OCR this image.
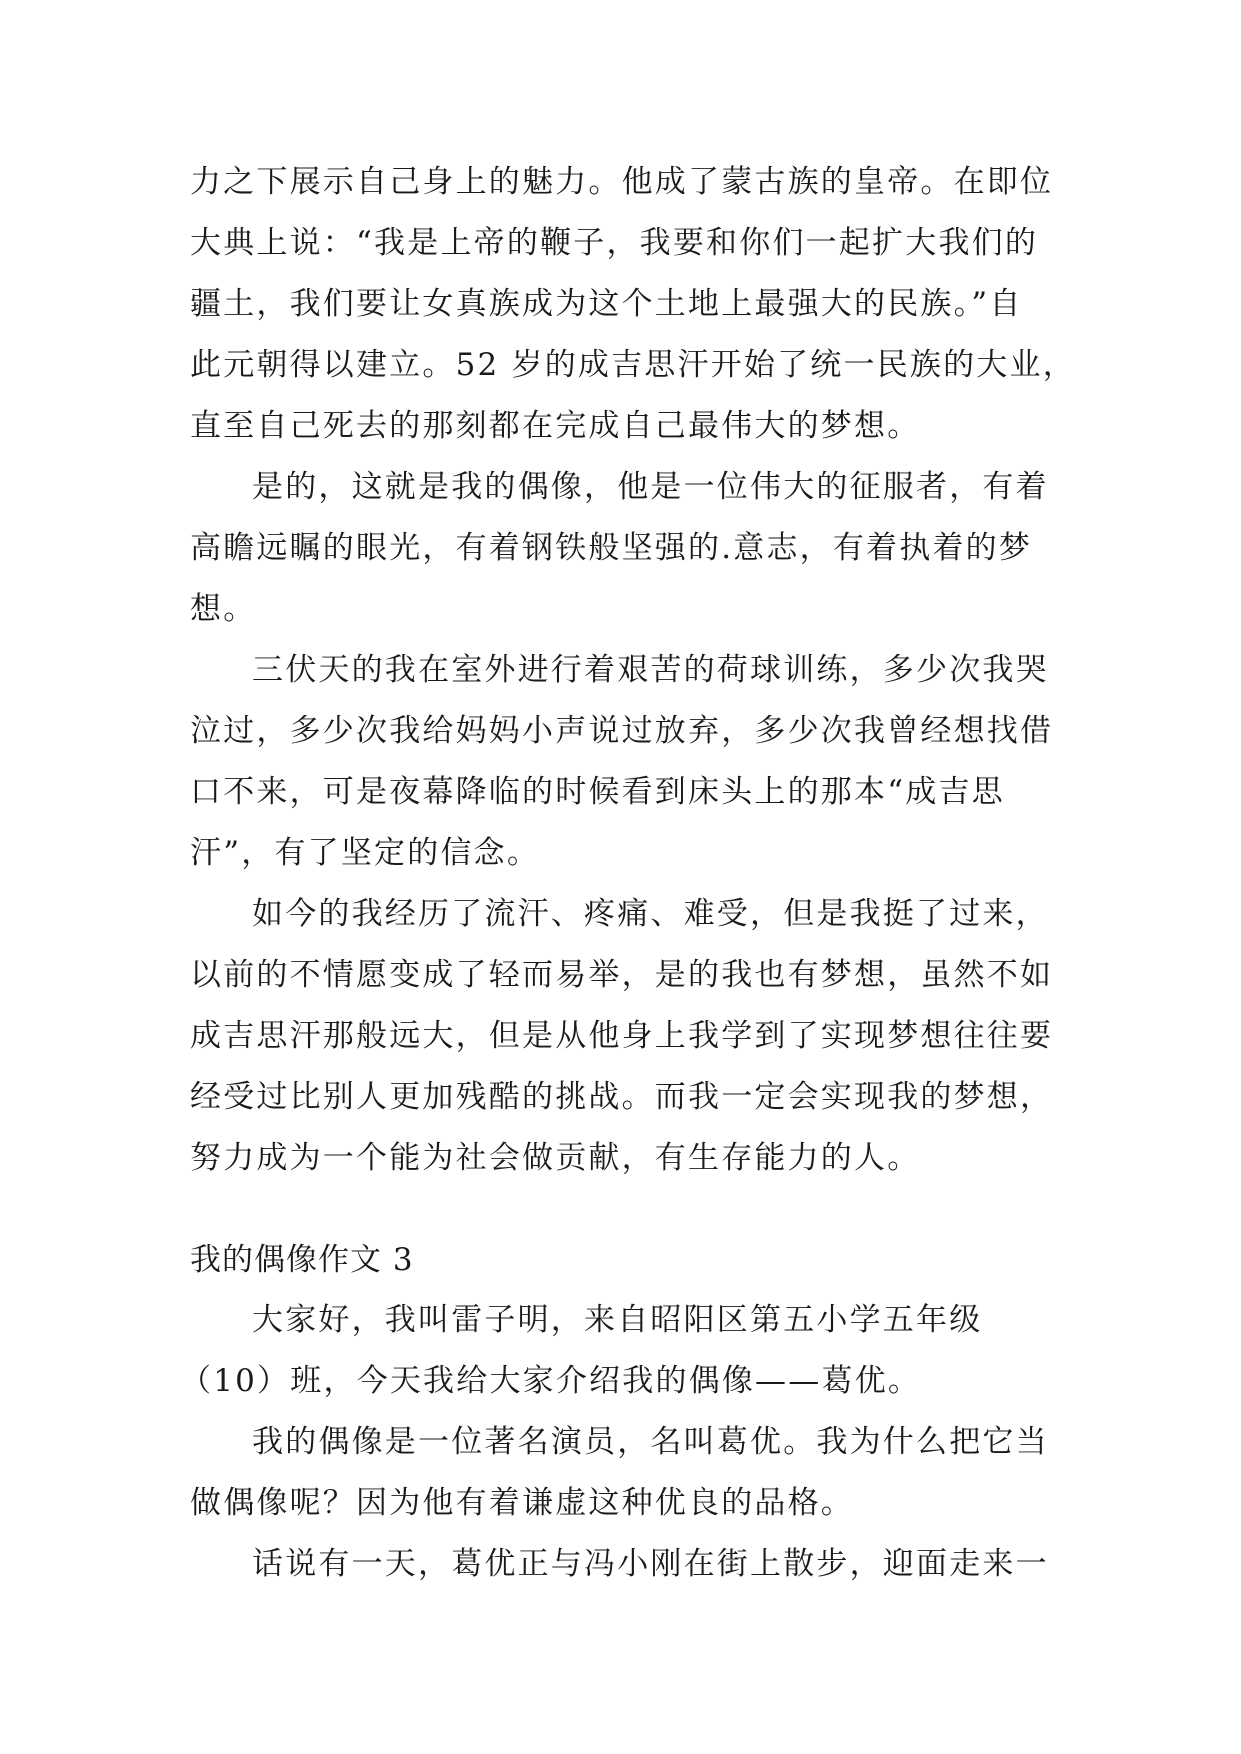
力之下展示自己身上的魅力。他成了蒙古族的皇帝。在即位
大典上说：“我是上帝的鞭子，我要和你们一起扩大我们的
疆土，我们要让女真族成为这个土地上最强大的民族。”自
此元朝得以建立。52 岁的成吉思汗开始了统一民族的大业，
直至自己死去的那刻都在完成自己最伟大的梦想。
是的，这就是我的偶像，他是一位伟大的征服者，有着
高瞻远瞩的眼光，有着钢铁般坚强的.意志，有着执着的梦
想。
三伏天的我在室外进行着艰苦的荷球训练，多少次我哭
泣过，多少次我给妈妈小声说过放弃，多少次我曾经想找借
口不来，可是夜幕降临的时候看到床头上的那本“成吉思
汗”，有了坚定的信念。
如今的我经历了流汗、疼痛、难受，但是我挺了过来，
以前的不情愿变成了轻而易举，是的我也有梦想，虽然不如
成吉思汗那般远大，但是从他身上我学到了实现梦想往往要
经受过比别人更加残酷的挑战。而我一定会实现我的梦想，
努力成为一个能为社会做贡献，有生存能力的人。
我的偶像作文 3
大家好，我叫雷子明，来自昭阳区第五小学五年级
（10）班，今天我给大家介绍我的偶像——葛优。
我的偶像是一位著名演员，名叫葛优。我为什么把它当
做偶像呢？因为他有着谦虚这种优良的品格。
话说有一天，葛优正与冯小刚在街上散步，迎面走来一
